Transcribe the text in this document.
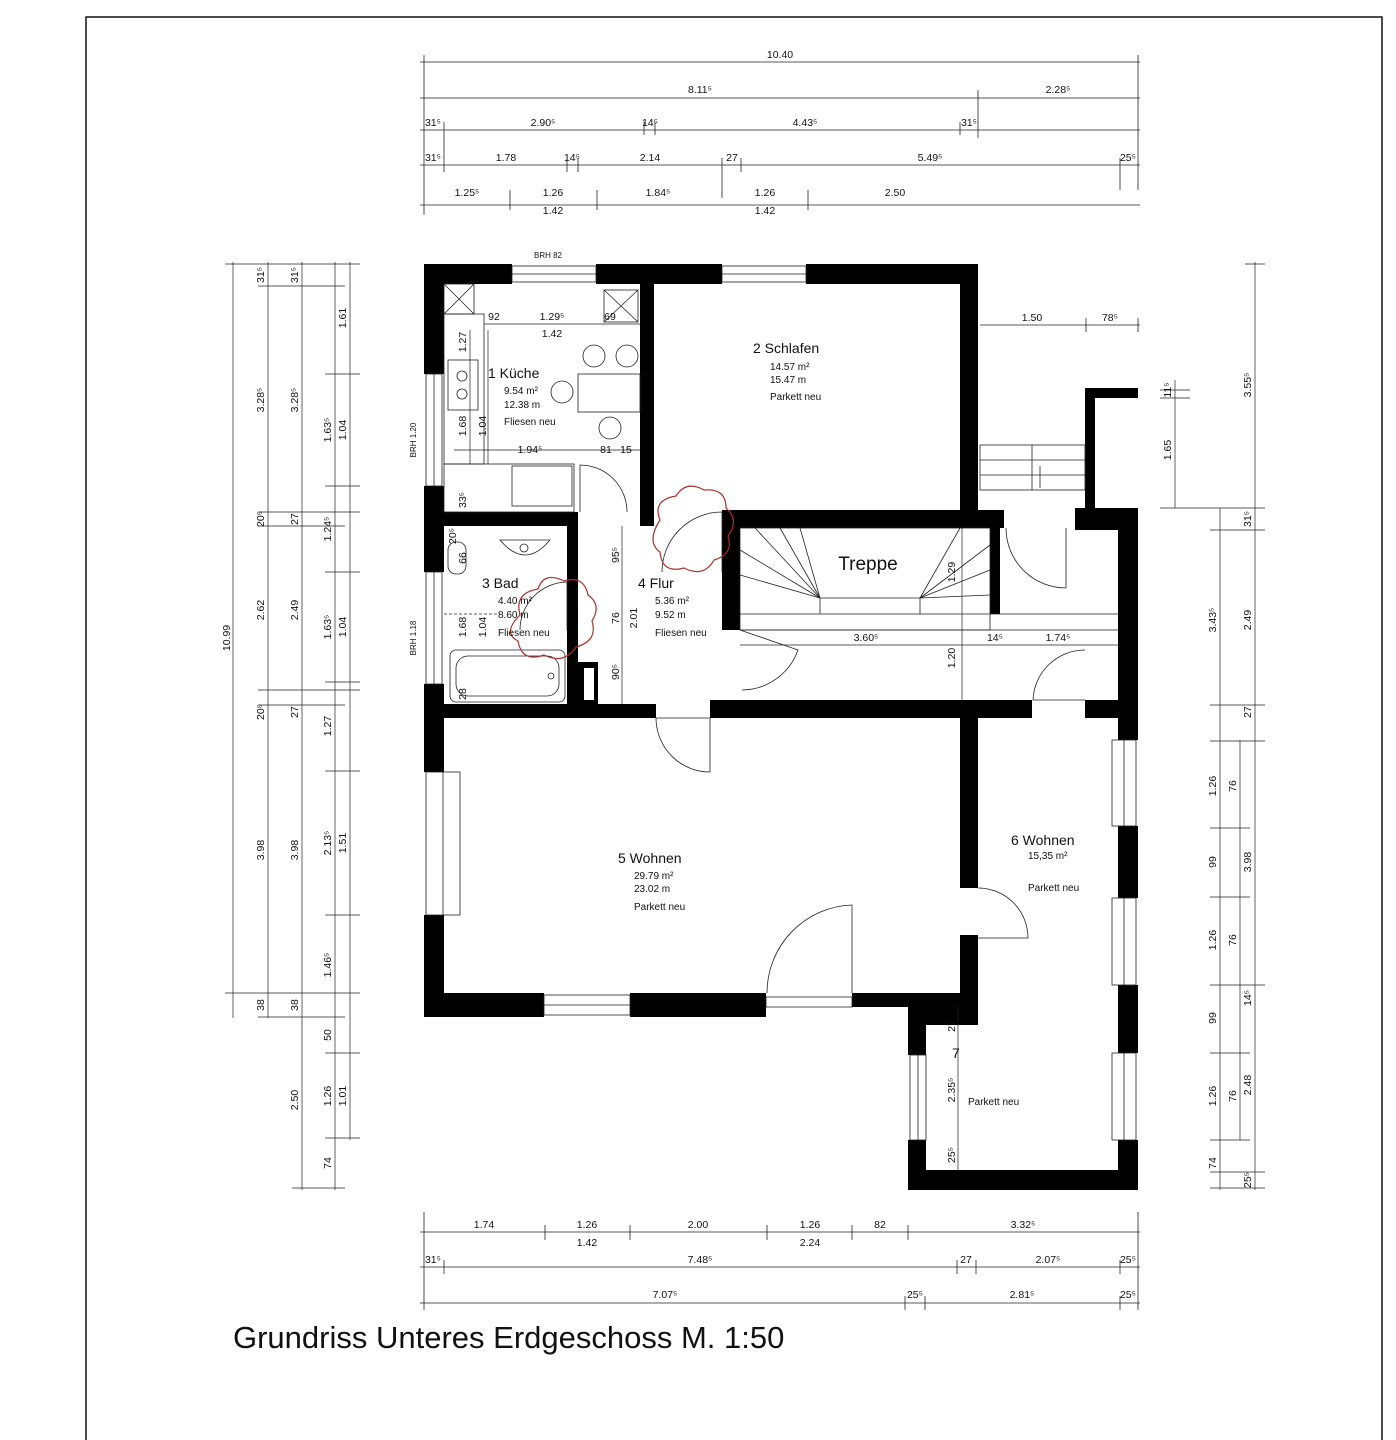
10.40
8.11⁵	2.28⁵
31⁵	2.90⁵	14⁵	4.43⁵	31⁵
31⁵	1.78	14⁵	2.14	27	5.49⁵	25⁵
1.25⁵	1.26	1.84⁵	1.26	2.50
1.42	1.42
BRH 82
10.99
31⁵
3.28⁵
20⁵
2.62
20⁵
3.98
38
31⁵
3.28⁵
27
2.49
27
3.98
38
2.50
1.63⁵
1.24⁵
1.63⁵
1.27
2.13⁵
1.46⁵
50
1.26
74
1.61
1.04
1.04
1.51
1.01
1.50	78⁵
1.65
11⁵
3.43⁵
1.26
99
1.26
99
1.26
74
25⁵
76
76
14⁵
76
3.55⁵
31⁵
2.49
27
3.98
2.48
1.74	1.26	2.00	1.26	82	3.32⁵
1.42	2.24
31⁵	7.48⁵	27	2.07⁵	25⁵
7.07⁵	25⁵	2.81⁵	25⁵
92	1.29⁵	69
1.42
1.27
1.68 1.04
1.94⁵	81 15
33⁵
20⁵
66
1.68 1.04
28
95⁵
76 2.01
90⁵
1.29
3.60⁵	14⁵	1.74⁵
1.20
27
2.35⁵
25⁵
BRH 1.20
BRH 1.18
1 Küche
9.54 m²
12.38 m
Fliesen neu
2 Schlafen
14.57 m²
15.47 m
Parkett neu
3 Bad
4.40 m²
8.60 m
Fliesen neu
4 Flur
5.36 m²
9.52 m
Fliesen neu
Treppe
5 Wohnen
29.79 m²
23.02 m
Parkett neu
6 Wohnen
15,35 m²
Parkett neu
7
Parkett neu
Grundriss Unteres Erdgeschoss M. 1:50
